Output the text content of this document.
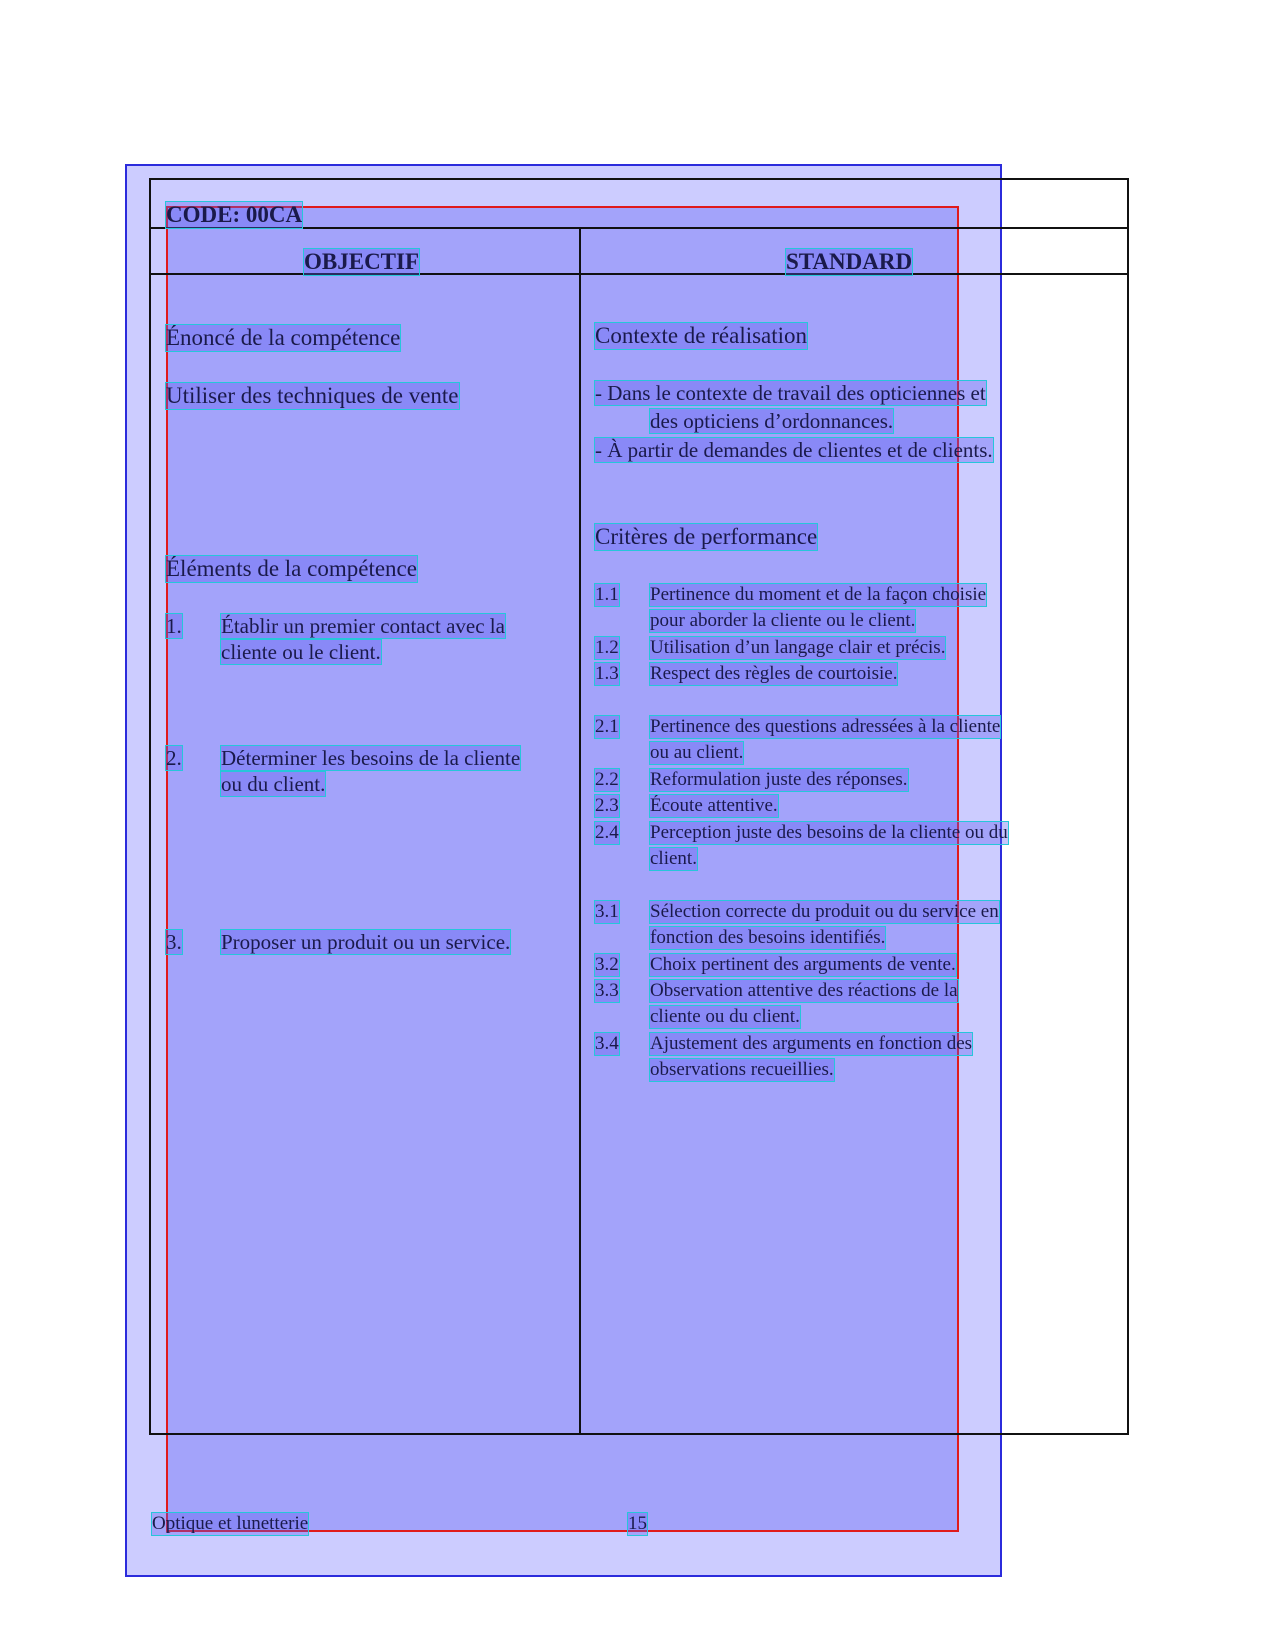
CODE: 00CA
OBJECTIF	STANDARD
Énoncé de la compétence
Utiliser des techniques de vente
Éléments de la compétence
1. Établir un premier contact avec la
cliente ou le client.
2. Déterminer les besoins de la cliente
ou du client.
3. Proposer un produit ou un service.
Contexte de réalisation
- Dans le contexte de travail des opticiennes et
des opticiens d’ordonnances.
- À partir de demandes de clientes et de clients.
Critères de performance
1.1 Pertinence du moment et de la façon choisie
pour aborder la cliente ou le client.
1.2 Utilisation d’un langage clair et précis.
1.3 Respect des règles de courtoisie.
2.1 Pertinence des questions adressées à la cliente
ou au client.
2.2 Reformulation juste des réponses.
2.3 Écoute attentive.
2.4 Perception juste des besoins de la cliente ou du
client.
3.1 Sélection correcte du produit ou du service en
fonction des besoins identifiés.
3.2 Choix pertinent des arguments de vente.
3.3 Observation attentive des réactions de la
cliente ou du client.
3.4 Ajustement des arguments en fonction des
observations recueillies.
Optique et lunetterie	15
